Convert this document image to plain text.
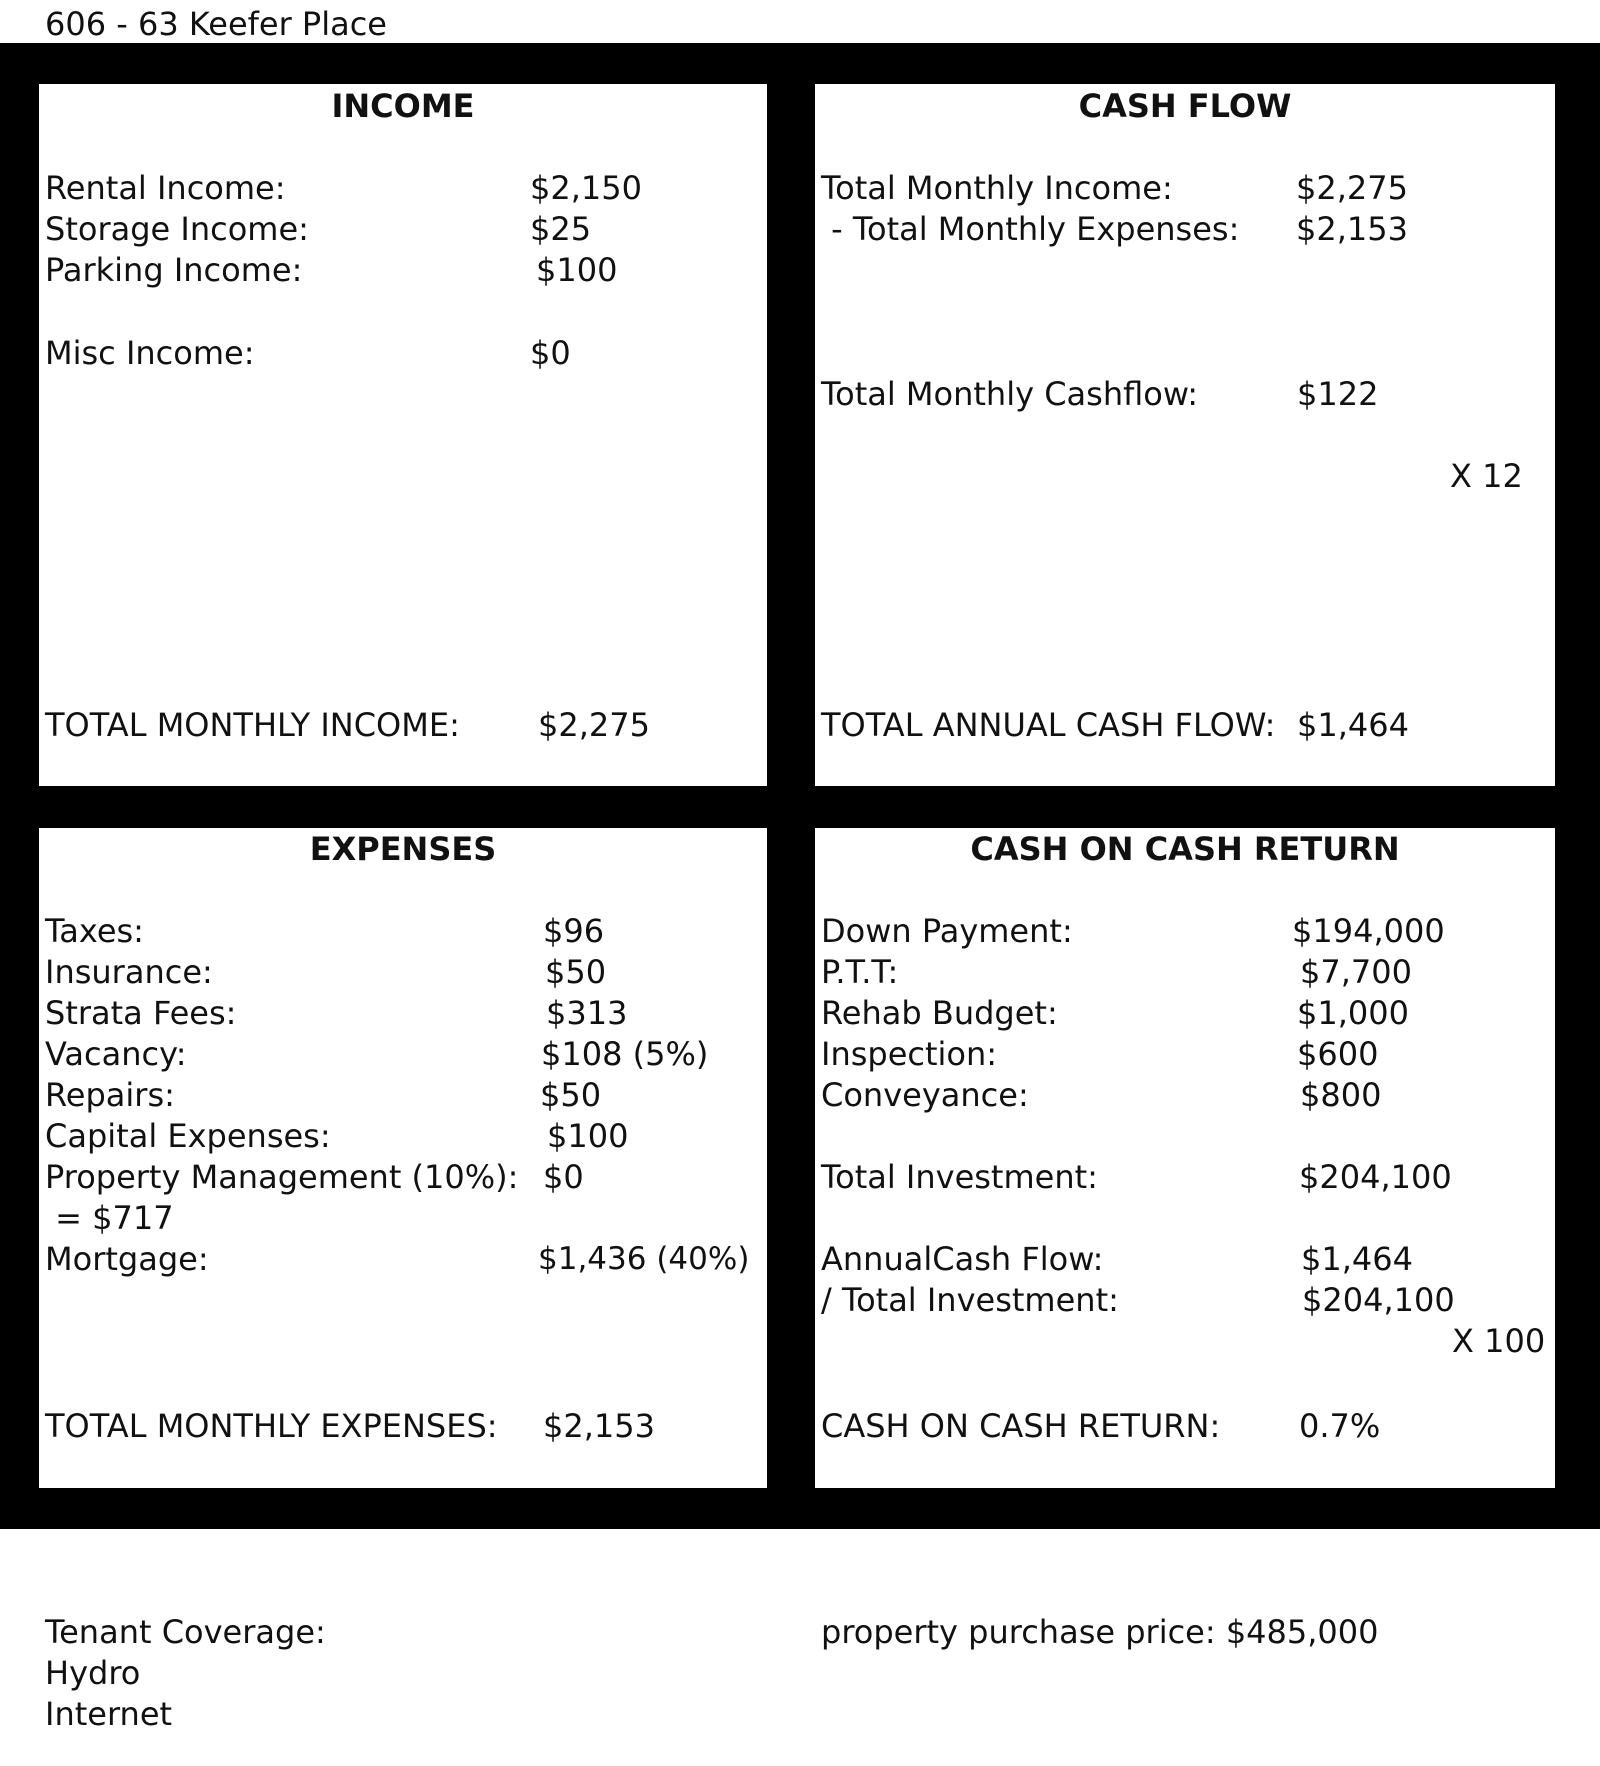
606 - 63 Keefer Place
INCOME
Rental Income:	$2,150
Storage Income:	$25
Parking Income:	$100
Misc Income:	$0
TOTAL MONTHLY INCOME: $2,275
CASH FLOW
Total Monthly Income:	$2,275
- Total Monthly Expenses: $2,153
Total Monthly Cashflow:	$122
X 12
TOTAL ANNUAL CASH FLOW: $1,464
EXPENSES
Taxes:	$96
Insurance:	$50
Strata Fees:	$313
Vacancy:	$108 (5%)
Repairs:	$50
Capital Expenses:	$100
Property Management (10%): $0
= $717
Mortgage:	$1,436 (40%)
TOTAL MONTHLY EXPENSES: $2,153
CASH ON CASH RETURN
Down Payment:	$194,000
P.T.T:	$7,700
Rehab Budget:	$1,000
Inspection:	$600
Conveyance:	$800
Total Investment:	$204,100
AnnualCash Flow:	$1,464
/ Total Investment:	$204,100
X 100
CASH ON CASH RETURN: 0.7%
Tenant Coverage:
Hydro
Internet
property purchase price: $485,000
